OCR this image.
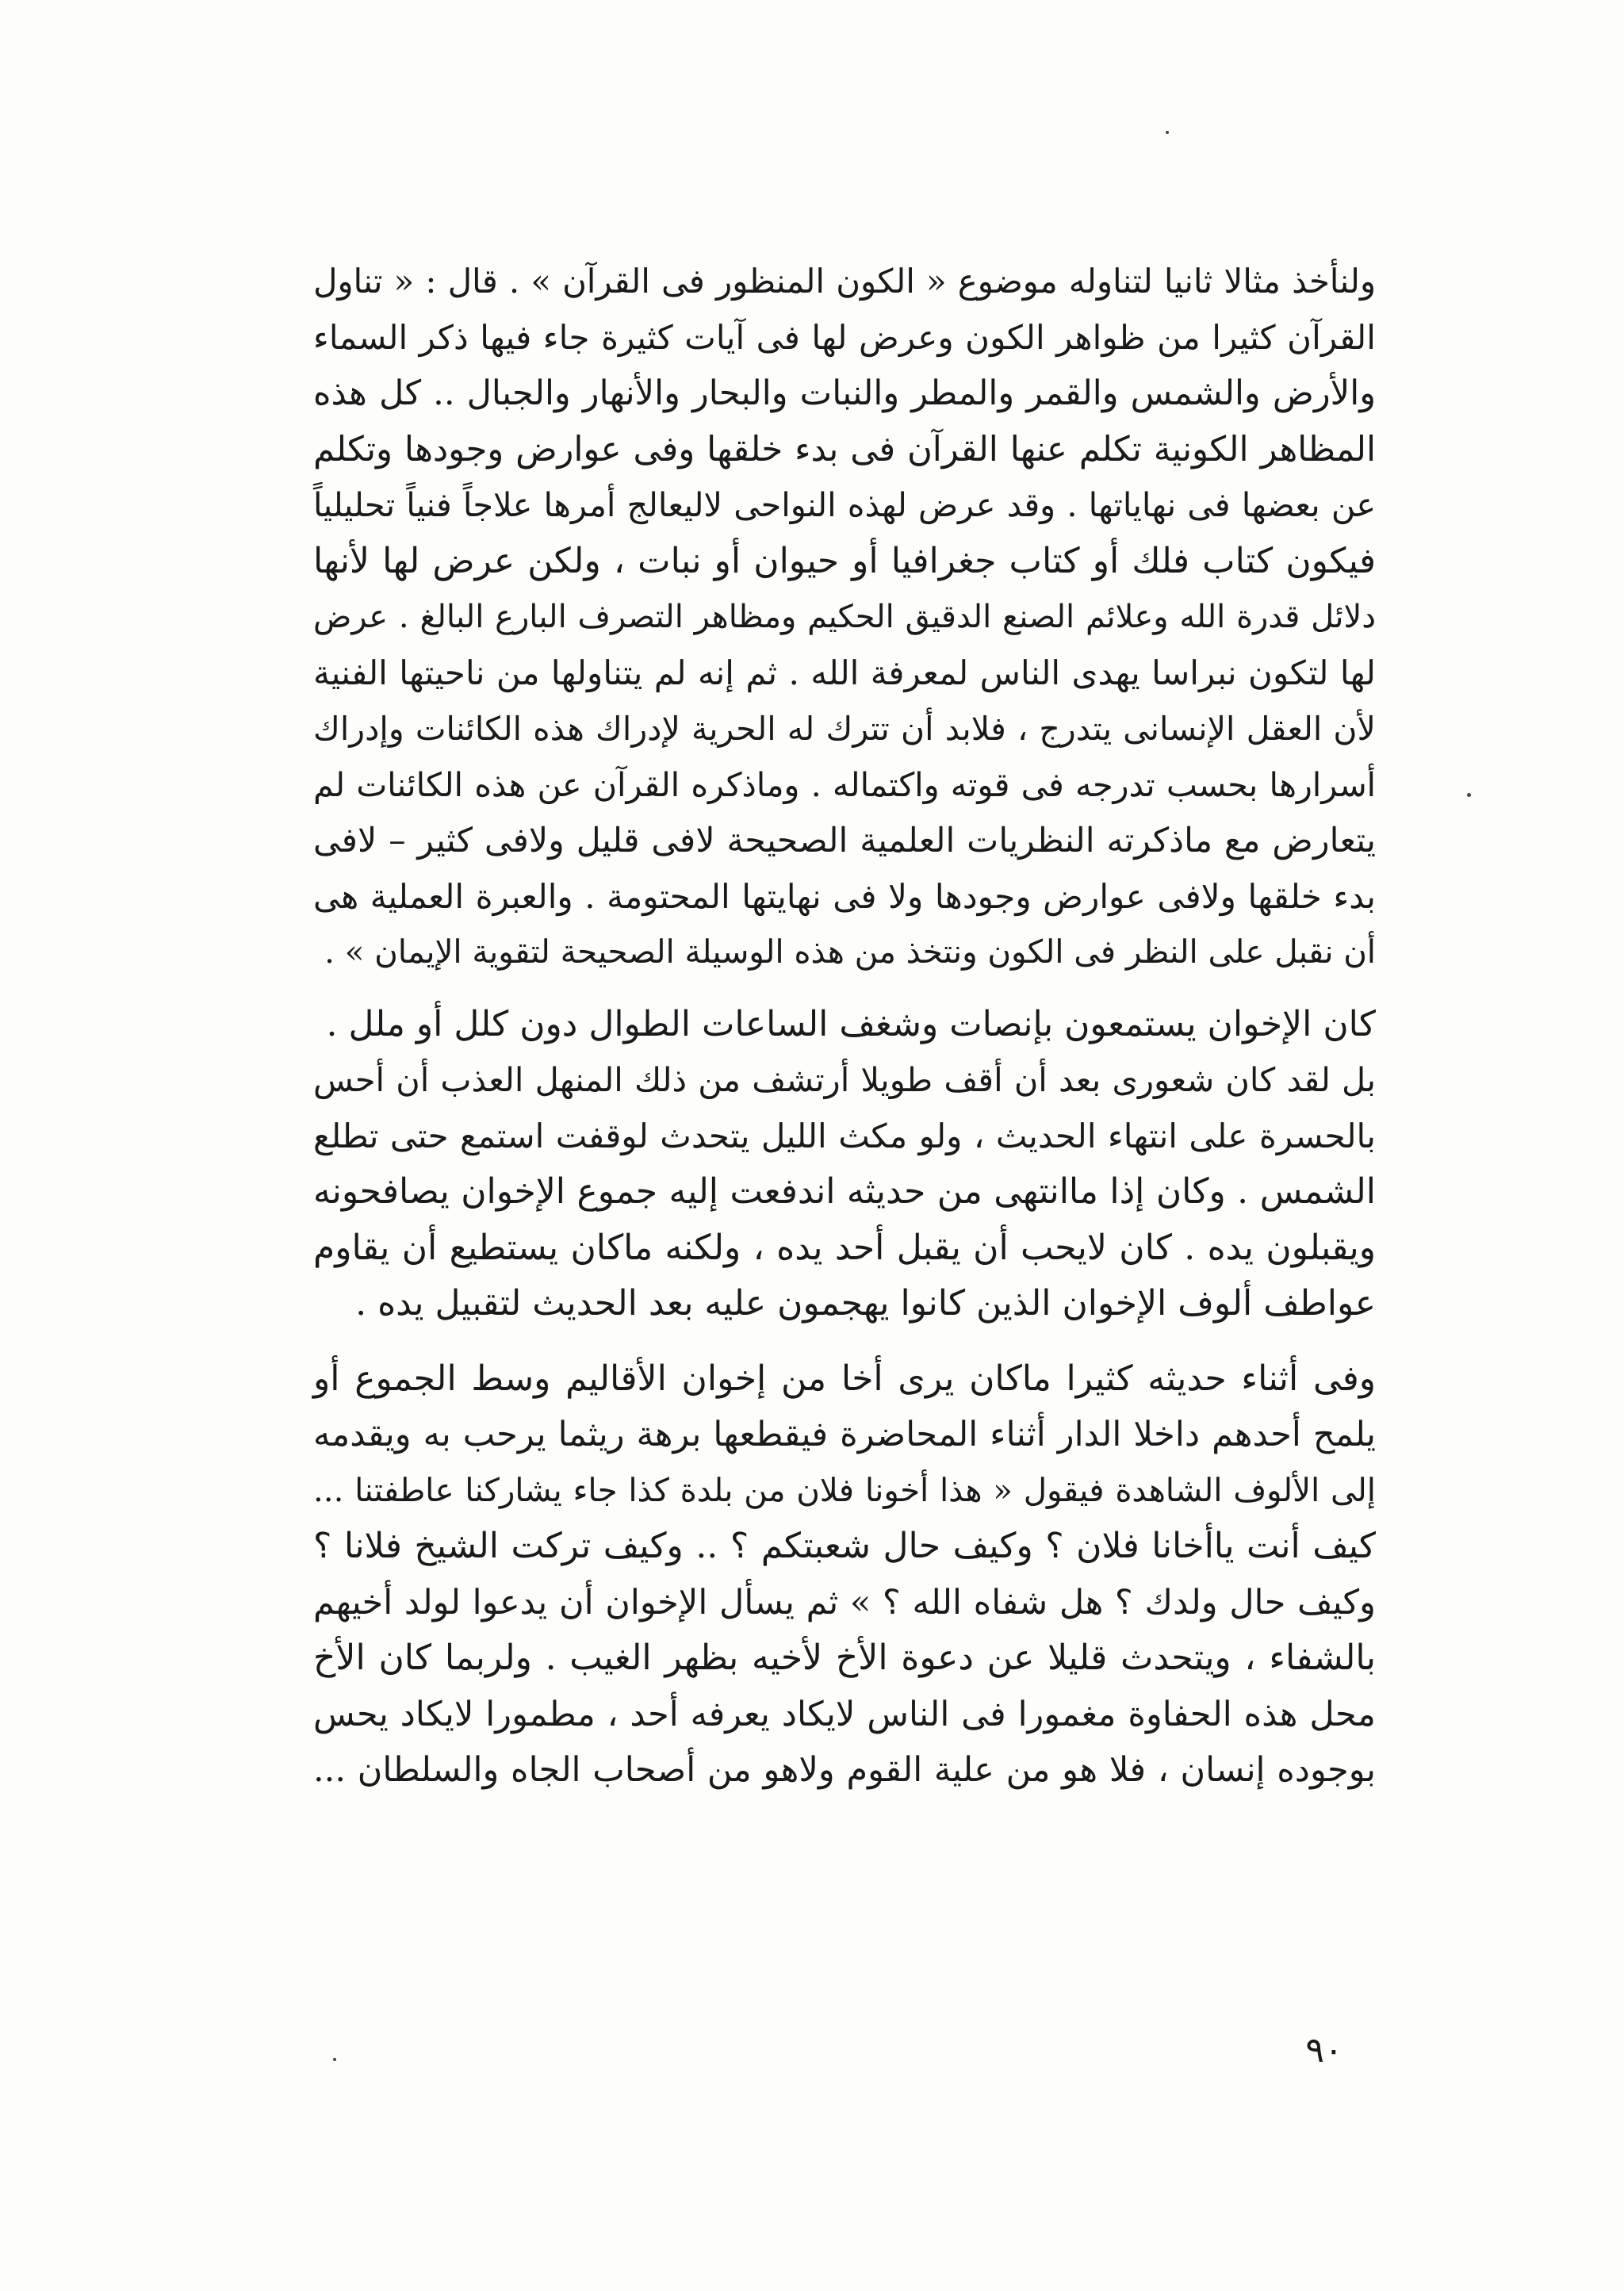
ولنأخذ مثالا ثانيا لتناوله موضوع « الكون المنظور فى القرآن » . قال : « تناول
القرآن كثيرا من ظواهر الكون وعرض لها فى آيات كثيرة جاء فيها ذكر السماء
والأرض والشمس والقمر والمطر والنبات والبحار والأنهار والجبال .. كل هذه
المظاهر الكونية تكلم عنها القرآن فى بدء خلقها وفى عوارض وجودها وتكلم
عن بعضها فى نهاياتها . وقد عرض لهذه النواحى لاليعالج أمرها علاجاً فنياً تحليلياً
فيكون كتاب فلك أو كتاب جغرافيا أو حيوان أو نبات ، ولكن عرض لها لأنها
دلائل قدرة الله وعلائم الصنع الدقيق الحكيم ومظاهر التصرف البارع البالغ . عرض
لها لتكون نبراسا يهدى الناس لمعرفة الله . ثم إنه لم يتناولها من ناحيتها الفنية
لأن العقل الإنسانى يتدرج ، فلابد أن تترك له الحرية لإدراك هذه الكائنات وإدراك
أسرارها بحسب تدرجه فى قوته واكتماله . وماذكره القرآن عن هذه الكائنات لم
يتعارض مع ماذكرته النظريات العلمية الصحيحة لافى قليل ولافى كثير – لافى
بدء خلقها ولافى عوارض وجودها ولا فى نهايتها المحتومة . والعبرة العملية هى
أن نقبل على النظر فى الكون ونتخذ من هذه الوسيلة الصحيحة لتقوية الإيمان » .
كان الإخوان يستمعون بإنصات وشغف الساعات الطوال دون كلل أو ملل .
بل لقد كان شعورى بعد أن أقف طويلا أرتشف من ذلك المنهل العذب أن أحس
بالحسرة على انتهاء الحديث ، ولو مكث الليل يتحدث لوقفت استمع حتى تطلع
الشمس . وكان إذا ماانتهى من حديثه اندفعت إليه جموع الإخوان يصافحونه
ويقبلون يده . كان لايحب أن يقبل أحد يده ، ولكنه ماكان يستطيع أن يقاوم
عواطف ألوف الإخوان الذين كانوا يهجمون عليه بعد الحديث لتقبيل يده .
وفى أثناء حديثه كثيرا ماكان يرى أخا من إخوان الأقاليم وسط الجموع أو
يلمح أحدهم داخلا الدار أثناء المحاضرة فيقطعها برهة ريثما يرحب به ويقدمه
إلى الألوف الشاهدة فيقول « هذا أخونا فلان من بلدة كذا جاء يشاركنا عاطفتنا ...
كيف أنت ياأخانا فلان ؟ وكيف حال شعبتكم ؟ .. وكيف تركت الشيخ فلانا ؟
وكيف حال ولدك ؟ هل شفاه الله ؟ » ثم يسأل الإخوان أن يدعوا لولد أخيهم
بالشفاء ، ويتحدث قليلا عن دعوة الأخ لأخيه بظهر الغيب . ولربما كان الأخ
محل هذه الحفاوة مغمورا فى الناس لايكاد يعرفه أحد ، مطمورا لايكاد يحس
بوجوده إنسان ، فلا هو من علية القوم ولاهو من أصحاب الجاه والسلطان ...
٩٠
